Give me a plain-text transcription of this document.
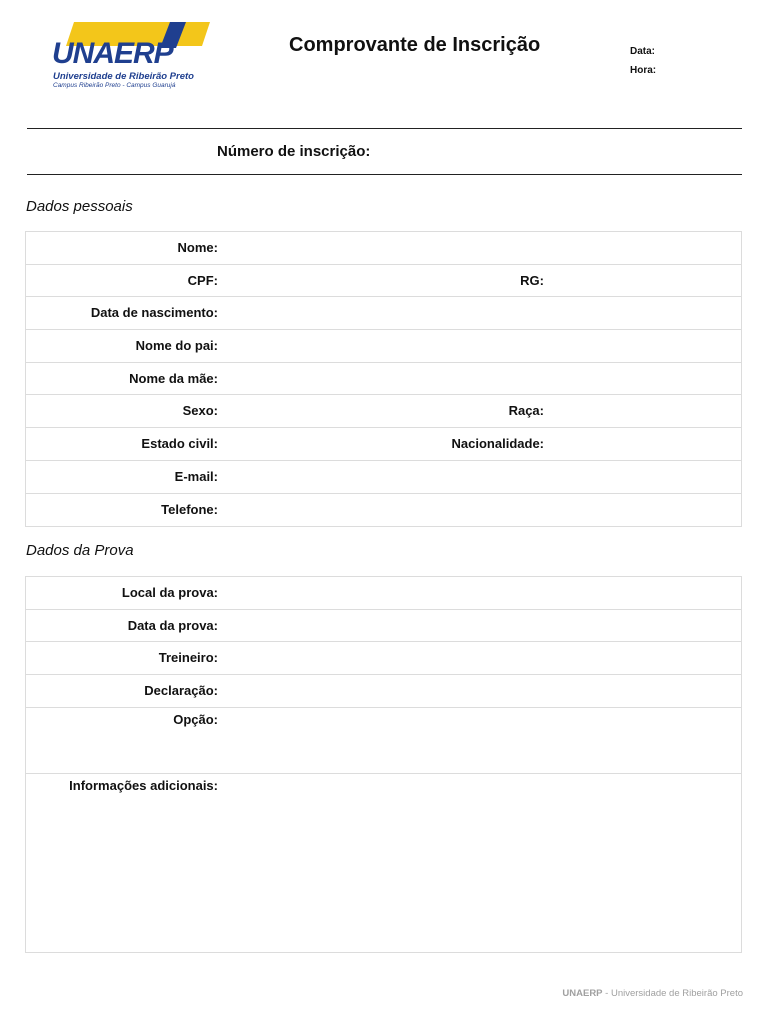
UNAERP
Universidade de Ribeirão Preto
Campus Ribeirão Preto - Campus Guarujá
Comprovante de Inscrição	Data:
Hora:
Número de inscrição:
Dados pessoais
Nome:
CPF:	RG:
Data de nascimento:
Nome do pai:
Nome da mãe:
Sexo:	Raça:
Estado civil:	Nacionalidade:
E-mail:
Telefone:
Dados da Prova
Local da prova:
Data da prova:
Treineiro:
Declaração:
Opção:
Informações adicionais:
UNAERP - Universidade de Ribeirão Preto
